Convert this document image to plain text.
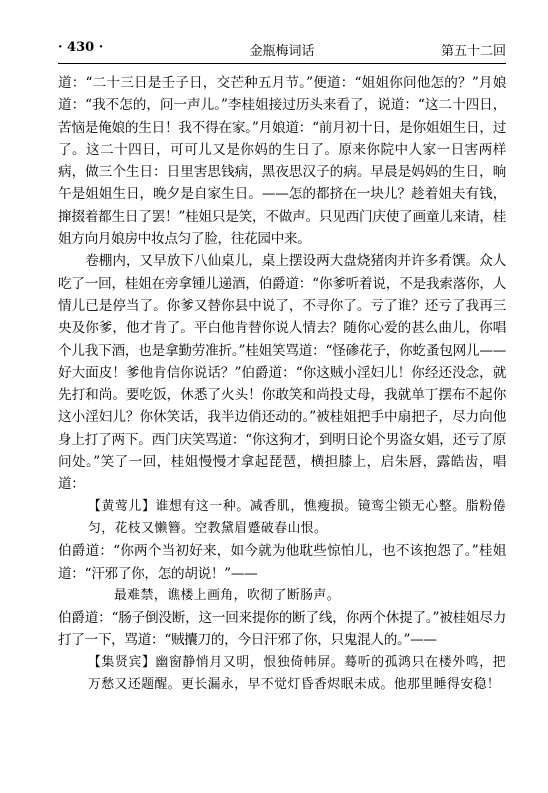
· 430 ·	金瓶梅词话	第五十二回

道：“二十三日是壬子日，交芒种五月节。”便道：“姐姐你问他怎的？”月娘道：“我不怎的，问一声儿。”李桂姐接过历头来看了，说道：“这二十四日，苦恼是俺娘的生日！我不得在家。”月娘道：“前月初十日，是你姐姐生日，过了。这二十四日，可可儿又是你妈的生日了。原来你院中人家一日害两样病，做三个生日：日里害思钱病，黑夜思汉子的病。早晨是妈妈的生日，晌午是姐姐生日，晚夕是自家生日。——怎的都挤在一块儿？趁着姐夫有钱，撺掇着都生日了罢！”桂姐只是笑，不做声。只见西门庆使了画童儿来请，桂姐方向月娘房中妆点匀了脸，往花园中来。

卷棚内，又早放下八仙桌儿，桌上摆设两大盘烧猪肉并许多肴馔。众人吃了一回，桂姐在旁拿锺儿递酒，伯爵道：“你爹听着说，不是我索落你，人情儿已是停当了。你爹又替你县中说了，不寻你了。亏了谁？还亏了我再三央及你爹，他才肯了。平白他肯替你说人情去？随你心爱的甚么曲儿，你唱个儿我下酒，也是拿勤劳准折。”桂姐笑骂道：“怪碜花子，你虼蚤包网儿——好大面皮！爹他肯信你说话？”伯爵道：“你这贼小淫妇儿！你经还没念，就先打和尚。要吃饭，休悉了火头！你敢笑和尚投丈母，我就单丁摆布不起你这小淫妇儿？你休笑话，我半边俏还动的。”被桂姐把手中扇把子，尽力向他身上打了两下。西门庆笑骂道：“你这狗才，到明日论个男盗女娼，还亏了原问处。”笑了一回，桂姐慢慢才拿起琵琶，横担膝上，启朱唇，露皓齿，唱道：

【黄莺儿】谁想有这一种。减香肌，憔瘦损。镜鸾尘锁无心整。脂粉倦匀，花枝又懒簪。空教黛眉蹙破春山恨。

伯爵道：“你两个当初好来，如今就为他耽些惊怕儿，也不该抱怨了。”桂姐道：“汗邪了你，怎的胡说！”——

最难禁，谯楼上画角，吹彻了断肠声。

伯爵道：“肠子倒没断，这一回来提你的断了线，你两个休提了。”被桂姐尽力打了一下，骂道：“贼攮刀的，今日汗邪了你，只鬼混人的。”——

【集贤宾】幽窗静悄月又明，恨独倚帏屏。蓦听的孤鸿只在楼外鸣，把万愁又还题醒。更长漏永，早不觉灯昏香烬眠未成。他那里睡得安稳！
